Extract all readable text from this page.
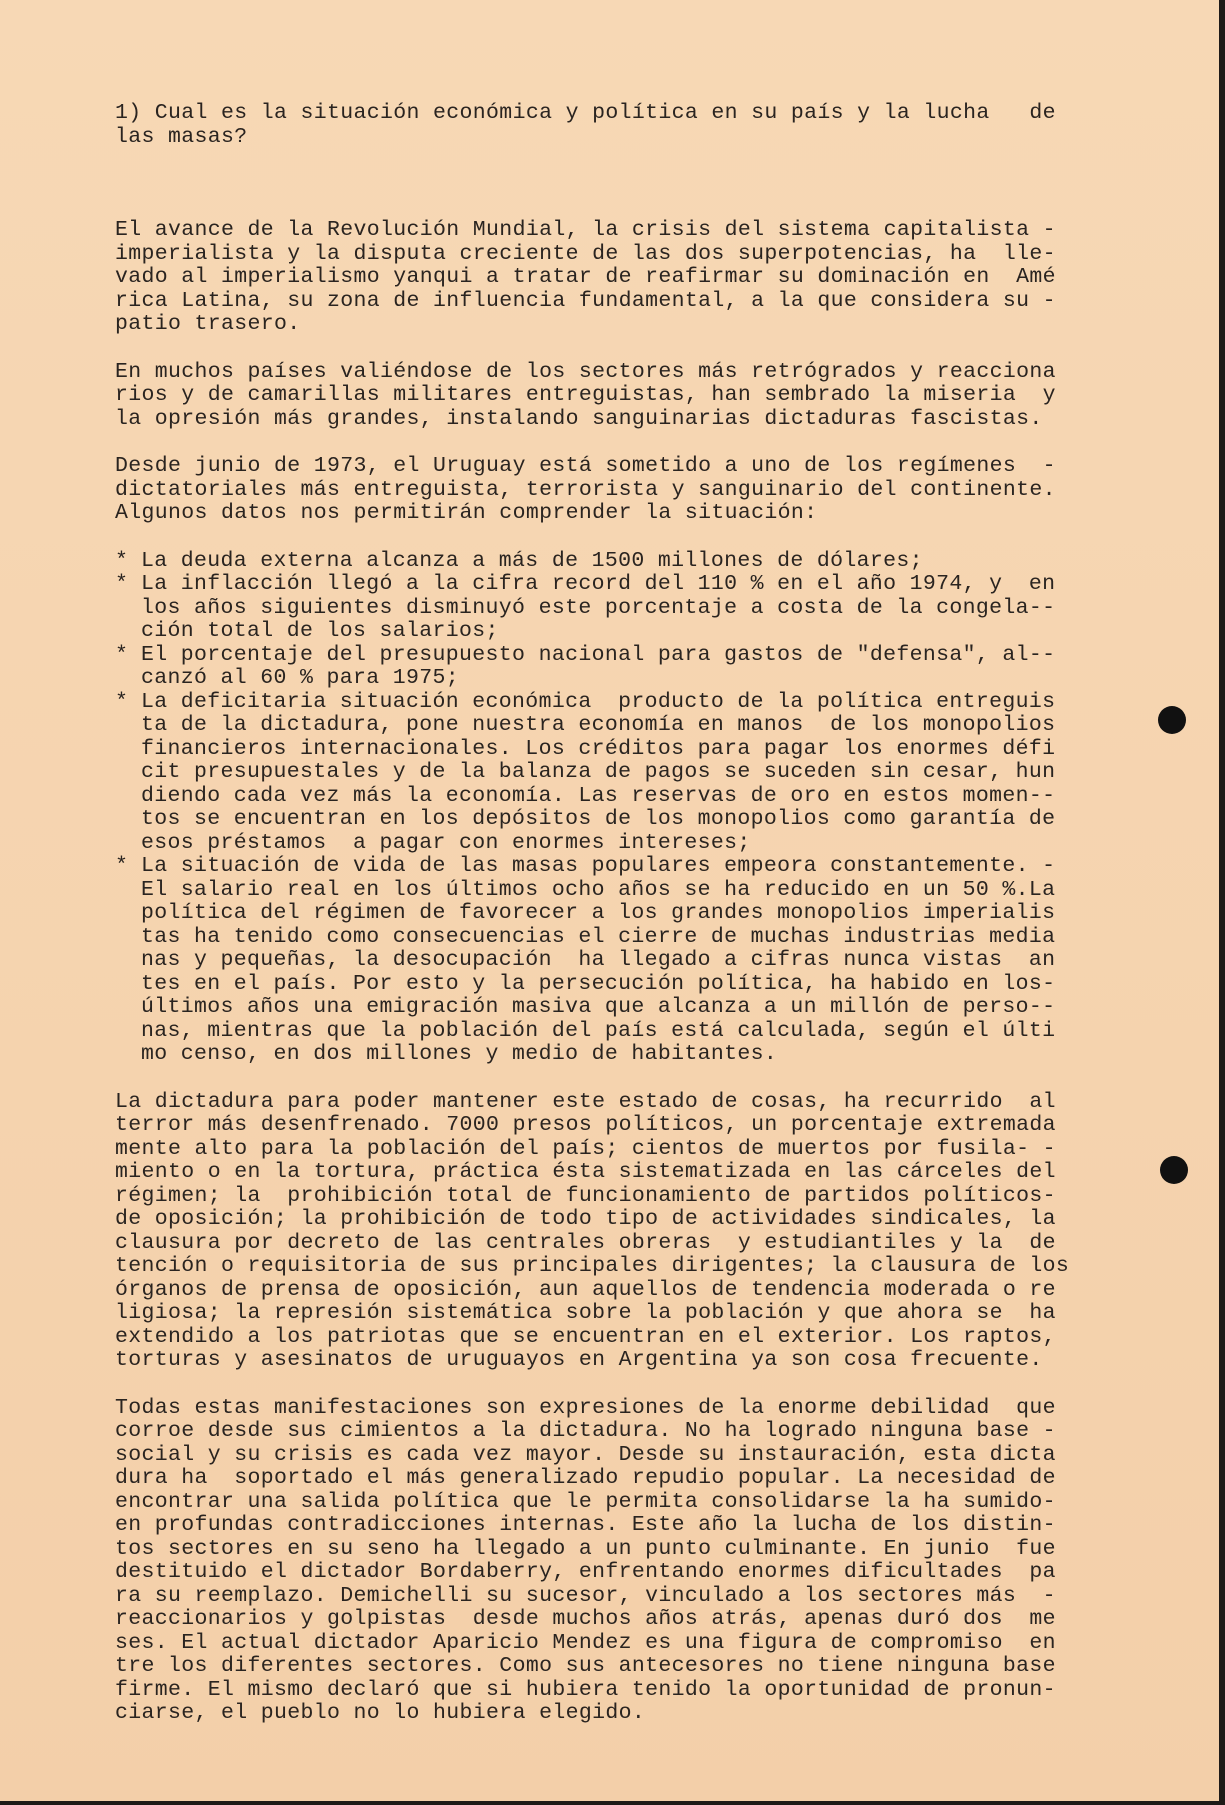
1) Cual es la situación económica y política en su país y la lucha   de

las masas?

El avance de la Revolución Mundial, la crisis del sistema capitalista -

imperialista y la disputa creciente de las dos superpotencias, ha  lle-

vado al imperialismo yanqui a tratar de reafirmar su dominación en  Amé

rica Latina, su zona de influencia fundamental, a la que considera su -

patio trasero.

En muchos países valiéndose de los sectores más retrógrados y reacciona

rios y de camarillas militares entreguistas, han sembrado la miseria  y

la opresión más grandes, instalando sanguinarias dictaduras fascistas.

Desde junio de 1973, el Uruguay está sometido a uno de los regímenes  -

dictatoriales más entreguista, terrorista y sanguinario del continente.

Algunos datos nos permitirán comprender la situación:

* La deuda externa alcanza a más de 1500 millones de dólares;

* La inflacción llegó a la cifra record del 110 % en el año 1974, y  en

los años siguientes disminuyó este porcentaje a costa de la congela--

ción total de los salarios;

* El porcentaje del presupuesto nacional para gastos de "defensa", al--

canzó al 60 % para 1975;

* La deficitaria situación económica  producto de la política entreguis

ta de la dictadura, pone nuestra economía en manos  de los monopolios

financieros internacionales. Los créditos para pagar los enormes défi

cit presupuestales y de la balanza de pagos se suceden sin cesar, hun

diendo cada vez más la economía. Las reservas de oro en estos momen--

tos se encuentran en los depósitos de los monopolios como garantía de

esos préstamos  a pagar con enormes intereses;

* La situación de vida de las masas populares empeora constantemente. -

El salario real en los últimos ocho años se ha reducido en un 50 %.La

política del régimen de favorecer a los grandes monopolios imperialis

tas ha tenido como consecuencias el cierre de muchas industrias media

nas y pequeñas, la desocupación  ha llegado a cifras nunca vistas  an

tes en el país. Por esto y la persecución política, ha habido en los-

últimos años una emigración masiva que alcanza a un millón de perso--

nas, mientras que la población del país está calculada, según el últi

mo censo, en dos millones y medio de habitantes.

La dictadura para poder mantener este estado de cosas, ha recurrido  al

terror más desenfrenado. 7000 presos políticos, un porcentaje extremada

mente alto para la población del país; cientos de muertos por fusila- -

miento o en la tortura, práctica ésta sistematizada en las cárceles del

régimen; la  prohibición total de funcionamiento de partidos políticos-

de oposición; la prohibición de todo tipo de actividades sindicales, la

clausura por decreto de las centrales obreras  y estudiantiles y la  de

tención o requisitoria de sus principales dirigentes; la clausura de los

órganos de prensa de oposición, aun aquellos de tendencia moderada o re

ligiosa; la represión sistemática sobre la población y que ahora se  ha

extendido a los patriotas que se encuentran en el exterior. Los raptos,

torturas y asesinatos de uruguayos en Argentina ya son cosa frecuente.

Todas estas manifestaciones son expresiones de la enorme debilidad  que

corroe desde sus cimientos a la dictadura. No ha logrado ninguna base -

social y su crisis es cada vez mayor. Desde su instauración, esta dicta

dura ha  soportado el más generalizado repudio popular. La necesidad de

encontrar una salida política que le permita consolidarse la ha sumido-

en profundas contradicciones internas. Este año la lucha de los distin-

tos sectores en su seno ha llegado a un punto culminante. En junio  fue

destituido el dictador Bordaberry, enfrentando enormes dificultades  pa

ra su reemplazo. Demichelli su sucesor, vinculado a los sectores más  -

reaccionarios y golpistas  desde muchos años atrás, apenas duró dos  me

ses. El actual dictador Aparicio Mendez es una figura de compromiso  en

tre los diferentes sectores. Como sus antecesores no tiene ninguna base

firme. El mismo declaró que si hubiera tenido la oportunidad de pronun-

ciarse, el pueblo no lo hubiera elegido.
